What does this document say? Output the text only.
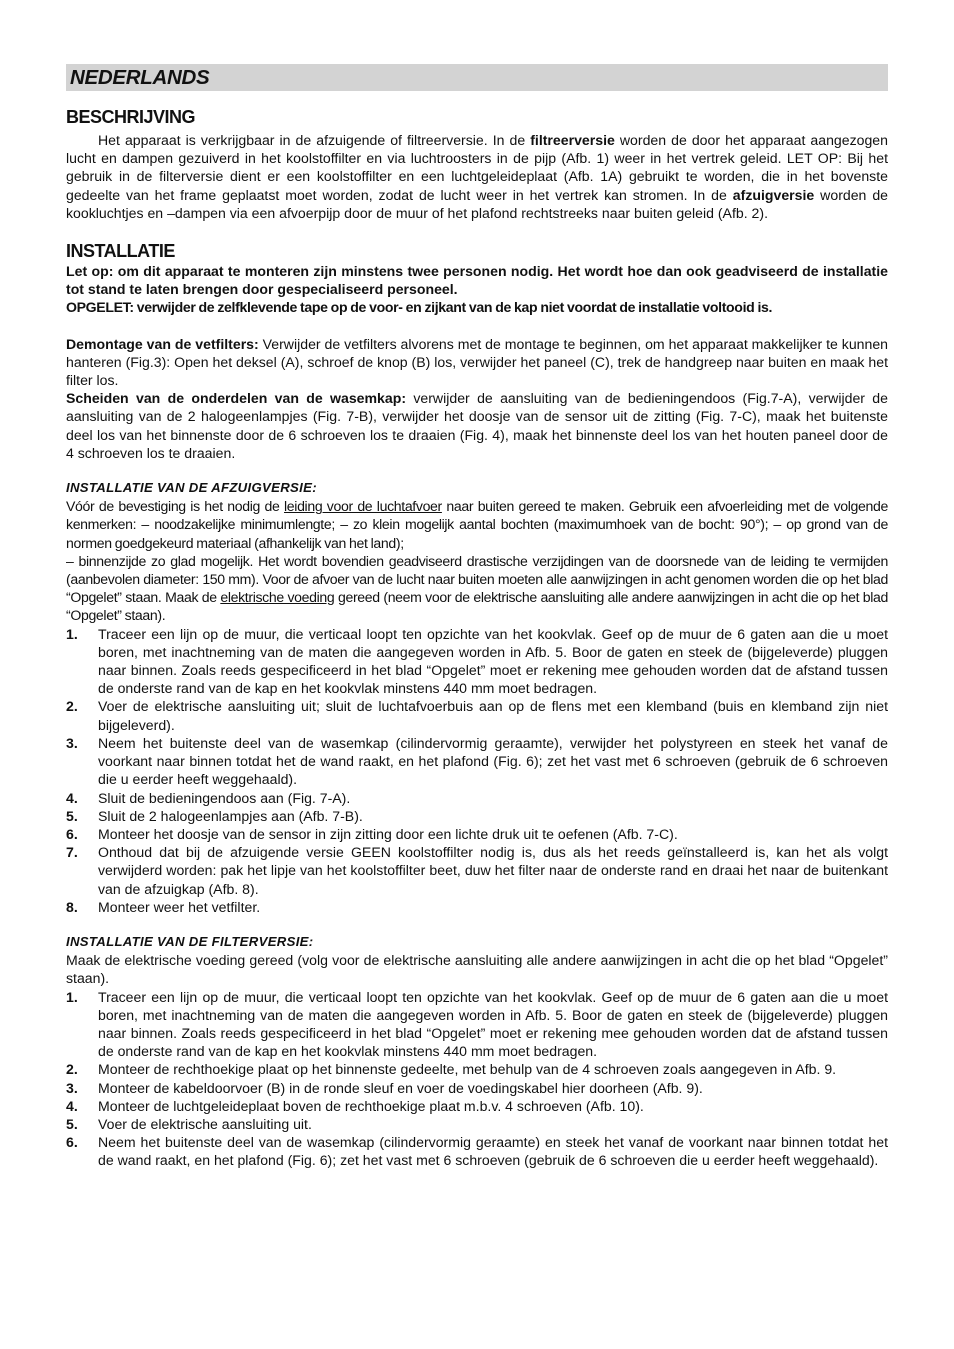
NEDERLANDS
BESCHRIJVING

Het apparaat is verkrijgbaar in de afzuigende of filtreerversie. In de filtreerversie worden de door het apparaat aangezogen lucht en dampen gezuiverd in het koolstoffilter en via luchtroosters in de pijp (Afb. 1) weer in het vertrek geleid. LET OP: Bij het gebruik in de filterversie dient er een koolstoffilter en een luchtgeleideplaat (Afb. 1A) gebruikt te worden, die in het bovenste gedeelte van het frame geplaatst moet worden, zodat de lucht weer in het vertrek kan stromen. In de afzuigversie worden de kookluchtjes en –dampen via een afvoerpijp door de muur of het plafond rechtstreeks naar buiten geleid (Afb. 2).

INSTALLATIE

Let op: om dit apparaat te monteren zijn minstens twee personen nodig. Het wordt hoe dan ook geadviseerd de installatie tot stand te laten brengen door gespecialiseerd personeel.

OPGELET: verwijder de zelfklevende tape op de voor- en zijkant van de kap niet voordat de installatie voltooid is.

Demontage van de vetfilters: Verwijder de vetfilters alvorens met de montage te beginnen, om het apparaat makkelijker te kunnen hanteren (Fig.3): Open het deksel (A), schroef de knop (B) los, verwijder het paneel (C), trek de handgreep naar buiten en maak het filter los.

Scheiden van de onderdelen van de wasemkap: verwijder de aansluiting van de bedieningendoos (Fig.7-A), verwijder de aansluiting van de 2 halogeenlampjes (Fig. 7-B), verwijder het doosje van de sensor uit de zitting (Fig. 7-C), maak het buitenste deel los van het binnenste door de 6 schroeven los te draaien (Fig. 4), maak het binnenste deel los van het houten paneel door de 4 schroeven los te draaien.

INSTALLATIE VAN DE AFZUIGVERSIE:

Vóór de bevestiging is het nodig de leiding voor de luchtafvoer naar buiten gereed te maken. Gebruik een afvoerleiding met de volgende kenmerken: – noodzakelijke minimumlengte; – zo klein mogelijk aantal bochten (maximumhoek van de bocht: 90°); – op grond van de normen goedgekeurd materiaal (afhankelijk van het land);

– binnenzijde zo glad mogelijk. Het wordt bovendien geadviseerd drastische verzijdingen van de doorsnede van de leiding te vermijden (aanbevolen diameter: 150 mm). Voor de afvoer van de lucht naar buiten moeten alle aanwijzingen in acht genomen worden die op het blad “Opgelet” staan. Maak de elektrische voeding gereed (neem voor de elektrische aansluiting alle andere aanwijzingen in acht die op het blad “Opgelet” staan).

1.	Traceer een lijn op de muur, die verticaal loopt ten opzichte van het kookvlak. Geef op de muur de 6 gaten aan die u moet boren, met inachtneming van de maten die aangegeven worden in Afb. 5. Boor de gaten en steek de (bijgeleverde) pluggen naar binnen. Zoals reeds gespecificeerd in het blad “Opgelet” moet er rekening mee gehouden worden dat de afstand tussen de onderste rand van de kap en het kookvlak minstens 440 mm moet bedragen.
2.	Voer de elektrische aansluiting uit; sluit de luchtafvoerbuis aan op de flens met een klemband (buis en klemband zijn niet bijgeleverd).
3.	Neem het buitenste deel van de wasemkap (cilindervormig geraamte), verwijder het polystyreen en steek het vanaf de voorkant naar binnen totdat het de wand raakt, en het plafond (Fig. 6); zet het vast met 6 schroeven (gebruik de 6 schroeven die u eerder heeft weggehaald).
4.	Sluit de bedieningendoos aan (Fig. 7-A).
5.	Sluit de 2 halogeenlampjes aan (Afb. 7-B).
6.	Monteer het doosje van de sensor in zijn zitting door een lichte druk uit te oefenen (Afb. 7-C).
7.	Onthoud dat bij de afzuigende versie GEEN koolstoffilter nodig is, dus als het reeds geïnstalleerd is, kan het als volgt verwijderd worden: pak het lipje van het koolstoffilter beet, duw het filter naar de onderste rand en draai het naar de buitenkant van de afzuigkap (Afb. 8).
8.	Monteer weer het vetfilter.
INSTALLATIE VAN DE FILTERVERSIE:

Maak de elektrische voeding gereed (volg voor de elektrische aansluiting alle andere aanwijzingen in acht die op het blad “Opgelet” staan).

1.	Traceer een lijn op de muur, die verticaal loopt ten opzichte van het kookvlak. Geef op de muur de 6 gaten aan die u moet boren, met inachtneming van de maten die aangegeven worden in Afb. 5. Boor de gaten en steek de (bijgeleverde) pluggen naar binnen. Zoals reeds gespecificeerd in het blad “Opgelet” moet er rekening mee gehouden worden dat de afstand tussen de onderste rand van de kap en het kookvlak minstens 440 mm moet bedragen.
2.	Monteer de rechthoekige plaat op het binnenste gedeelte, met behulp van de 4 schroeven zoals aangegeven in Afb. 9.
3.	Monteer de kabeldoorvoer (B) in de ronde sleuf en voer de voedingskabel hier doorheen (Afb. 9).
4.	Monteer de luchtgeleideplaat boven de rechthoekige plaat m.b.v. 4 schroeven (Afb. 10).
5.	Voer de elektrische aansluiting uit.
6.	Neem het buitenste deel van de wasemkap (cilindervormig geraamte) en steek het vanaf de voorkant naar binnen totdat het de wand raakt, en het plafond (Fig. 6); zet het vast met 6 schroeven (gebruik de 6 schroeven die u eerder heeft weggehaald).
